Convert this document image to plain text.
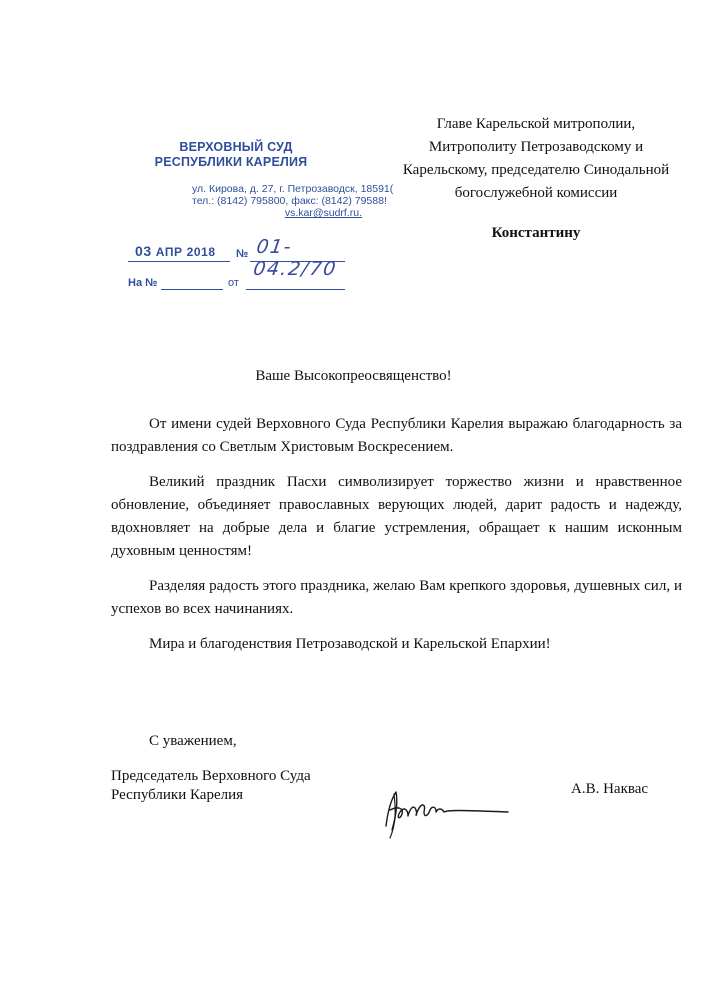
ВЕРХОВНЫЙ СУД
РЕСПУБЛИКИ КАРЕЛИЯ
ул. Кирова, д. 27, г. Петрозаводск, 18591(
тел.: (8142) 795800, факс: (8142) 79588!
vs.kar@sudrf.ru.
03 АПР 2018 № 01-04.2/70
На №	от
Главе Карельской митрополии,
Митрополиту Петрозаводскому и
Карельскому, председателю Синодальной
богослужебной комиссии
Константину
Ваше Высокопреосвященство!

От имени судей Верховного Суда Республики Карелия выражаю благодарность за поздравления со Светлым Христовым Воскресением.

Великий праздник Пасхи символизирует торжество жизни и нравственное обновление, объединяет православных верующих людей, дарит радость и надежду, вдохновляет на добрые дела и благие устремления, обращает к нашим исконным духовным ценностям!

Разделяя радость этого праздника, желаю Вам крепкого здоровья, душевных сил, и успехов во всех начинаниях.

Мира и благоденствия Петрозаводской и Карельской Епархии!

С уважением,
Председатель Верховного Суда
Республики Карелия	А.В. Наквас
